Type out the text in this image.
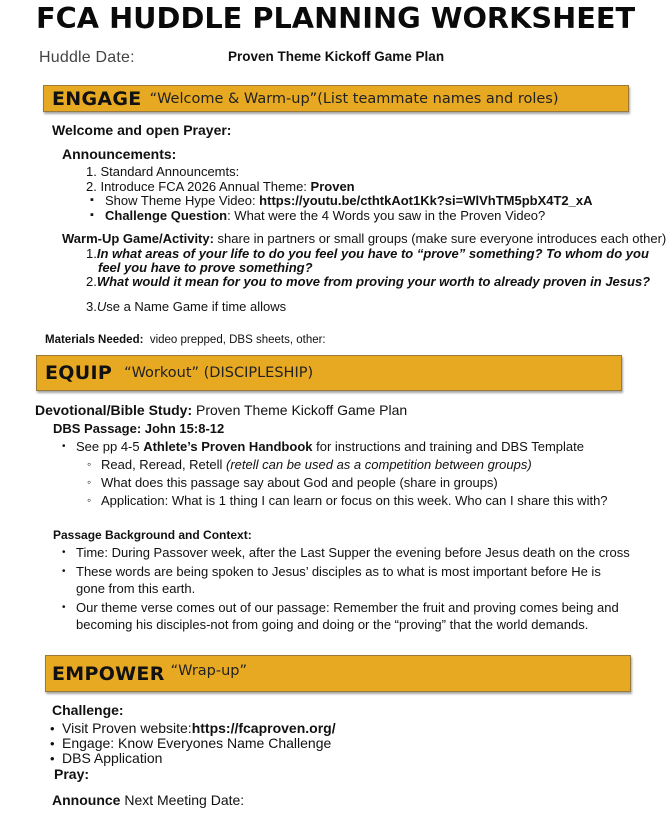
FCA HUDDLE PLANNING WORKSHEET
Huddle Date:	Proven Theme Kickoff Game Plan
ENGAGE “Welcome & Warm-up”(List teammate names and roles)
Welcome and open Prayer:
Announcements:
1. Standard Announcemts:
2. Introduce FCA 2026 Annual Theme: Proven
▪ Show Theme Hype Video: https://youtu.be/cthtkAot1Kk?si=WlVhTM5pbX4T2_xA
▪ Challenge Question: What were the 4 Words you saw in the Proven Video?
Warm-Up Game/Activity: share in partners or small groups (make sure everyone introduces each other)
1.In what areas of your life to do you feel you have to “prove” something? To whom do you
feel you have to prove something?
2.What would it mean for you to move from proving your worth to already proven in Jesus?
3.Use a Name Game if time allows
Materials Needed: video prepped, DBS sheets, other:
EQUIP “Workout” (DISCIPLESHIP)
Devotional/Bible Study: Proven Theme Kickoff Game Plan
DBS Passage: John 15:8-12
• See pp 4-5 Athlete’s Proven Handbook for instructions and training and DBS Template
◦ Read, Reread, Retell (retell can be used as a competition between groups)
◦ What does this passage say about God and people (share in groups)
◦ Application: What is 1 thing I can learn or focus on this week. Who can I share this with?
Passage Background and Context:
• Time: During Passover week, after the Last Supper the evening before Jesus death on the cross
• These words are being spoken to Jesus’ disciples as to what is most important before He is
gone from this earth.
• Our theme verse comes out of our passage: Remember the fruit and proving comes being and
becoming his disciples-not from going and doing or the “proving” that the world demands.
EMPOWER “Wrap-up”
Challenge:
• Visit Proven website:https://fcaproven.org/
• Engage: Know Everyones Name Challenge
• DBS Application
Pray:
Announce Next Meeting Date:
